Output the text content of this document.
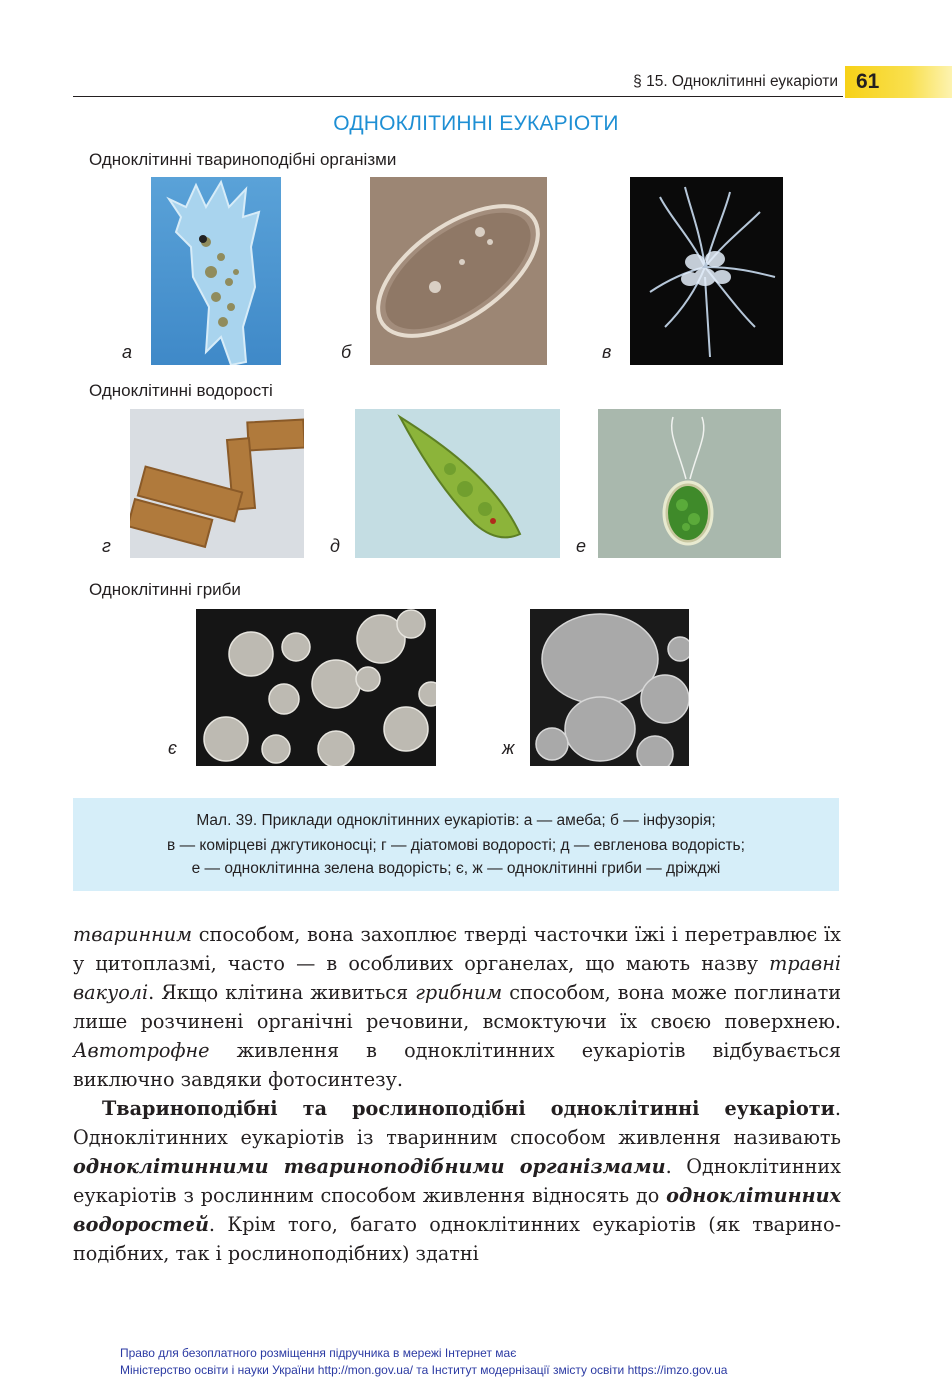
§ 15. Одноклітинні еукаріоти 61
ОДНОКЛІТИННІ ЕУКАРІОТИ
Одноклітинні твариноподібні організми
а	б	в
Одноклітинні водорості
г	д	е
Одноклітинні гриби
є	ж
Мал. 39. Приклади одноклітинних еукаріотів: а — амеба; б — інфузорія;
в — комірцеві джгутиконосці; г — діатомові водорості; д — евгленова водорість;
е — одноклітинна зелена водорість; є, ж — одноклітинні гриби — дріжджі

тваринним способом, вона захоплює тверді часточки їжі і перетравлює їх у цитоплазмі, часто — в особливих органелах, що мають назву травні вакуолі. Якщо клітина живиться грибним способом, вона може поглинати лише розчинені органічні речовини, всмоктуючи їх своєю поверхнею. Автотрофне живлення в одноклітинних еукаріотів відбувається виключно завдяки фотосинтезу.

Твариноподібні та рослиноподібні одноклітинні еукаріоти. Одноклітинних еукаріотів із тваринним способом живлення називають одноклітинними твариноподібними організмами. Одноклітинних еукаріотів з рослинним способом живлення відносять до одноклітинних водоростей. Крім того, багато одноклітинних еукаріотів (як твариноподібних, так і рослиноподібних) здатні

Право для безоплатного розміщення підручника в мережі Інтернет має
Міністерство освіти і науки України http://mon.gov.ua/ та Інститут модернізації змісту освіти https://imzo.gov.ua
